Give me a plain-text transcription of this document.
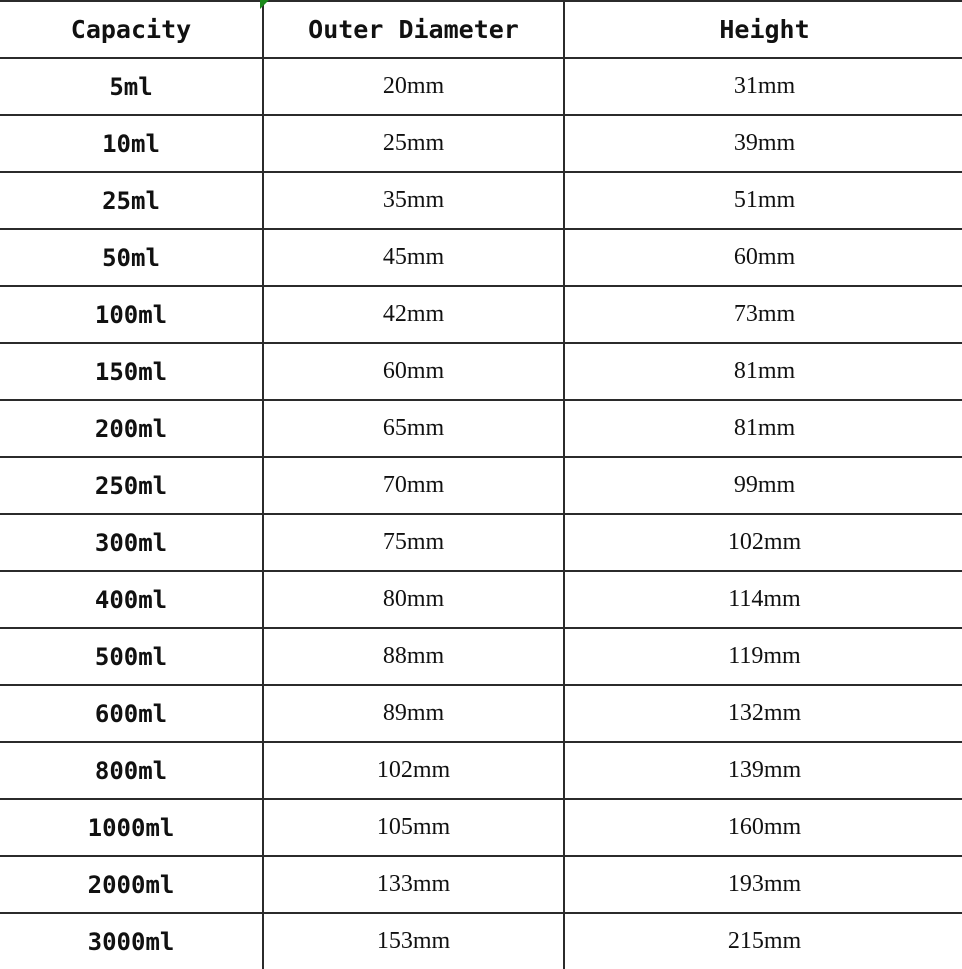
Capacity	Outer Diameter	Height
5ml	20mm	31mm
10ml	25mm	39mm
25ml	35mm	51mm
50ml	45mm	60mm
100ml	42mm	73mm
150ml	60mm	81mm
200ml	65mm	81mm
250ml	70mm	99mm
300ml	75mm	102mm
400ml	80mm	114mm
500ml	88mm	119mm
600ml	89mm	132mm
800ml	102mm	139mm
1000ml	105mm	160mm
2000ml	133mm	193mm
3000ml	153mm	215mm
